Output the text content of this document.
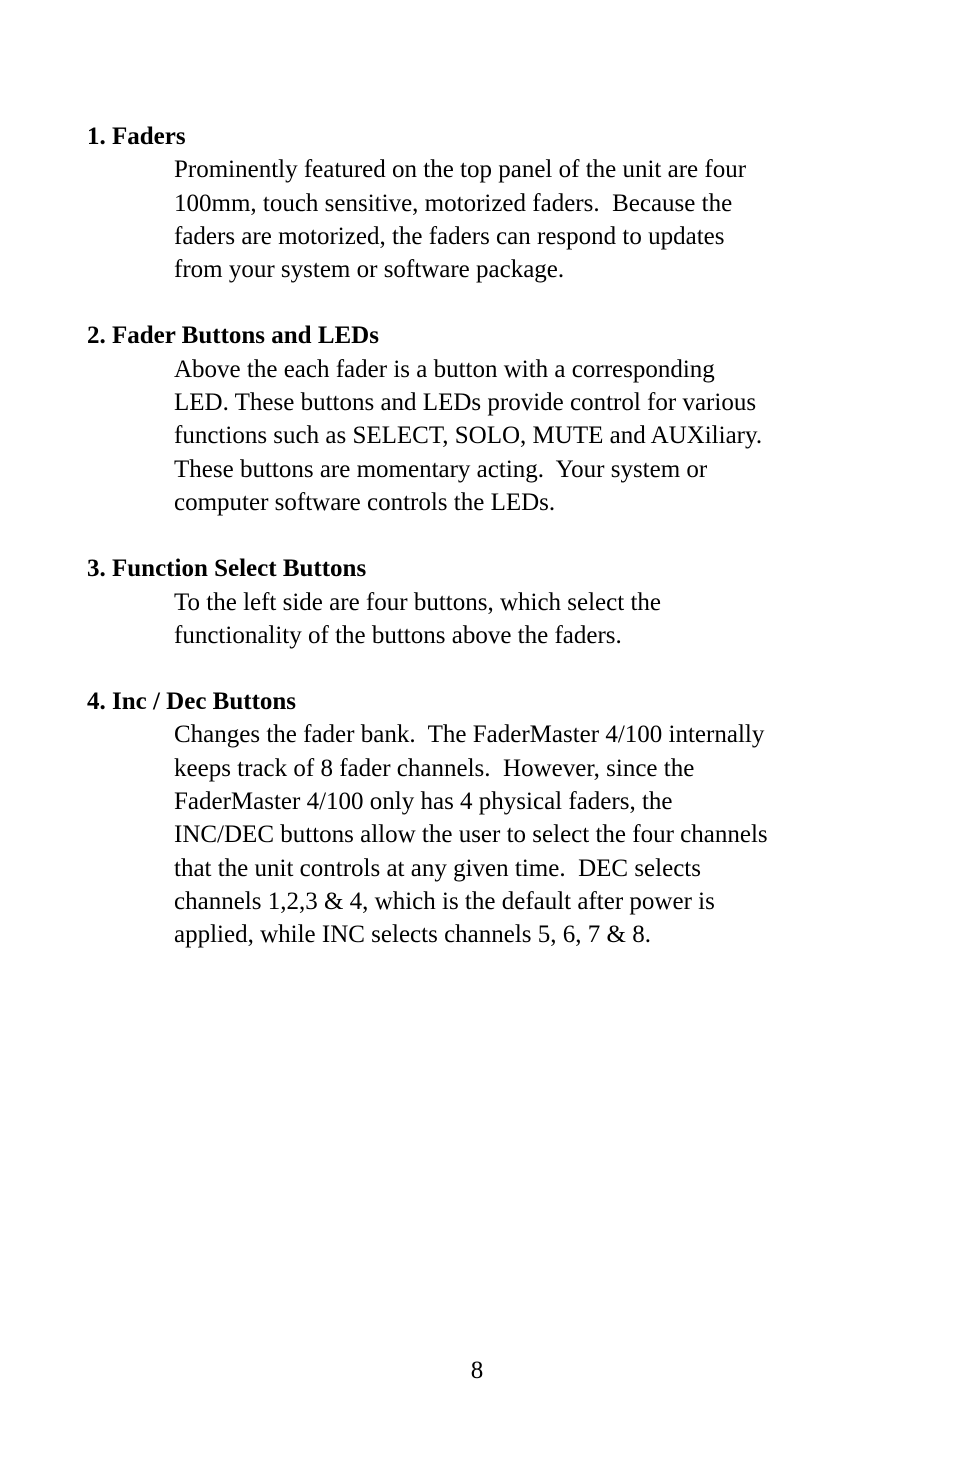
1. Faders
Prominently featured on the top panel of the unit are four
100mm, touch sensitive, motorized faders.  Because the
faders are motorized, the faders can respond to updates
from your system or software package.
2. Fader Buttons and LEDs
Above the each fader is a button with a corresponding
LED. These buttons and LEDs provide control for various
functions such as SELECT, SOLO, MUTE and AUXiliary.
These buttons are momentary acting.  Your system or
computer software controls the LEDs.
3. Function Select Buttons
To the left side are four buttons, which select the
functionality of the buttons above the faders.
4. Inc / Dec Buttons
Changes the fader bank.  The FaderMaster 4/100 internally
keeps track of 8 fader channels.  However, since the
FaderMaster 4/100 only has 4 physical faders, the
INC/DEC buttons allow the user to select the four channels
that the unit controls at any given time.  DEC selects
channels 1,2,3 & 4, which is the default after power is
applied, while INC selects channels 5, 6, 7 & 8.
8
